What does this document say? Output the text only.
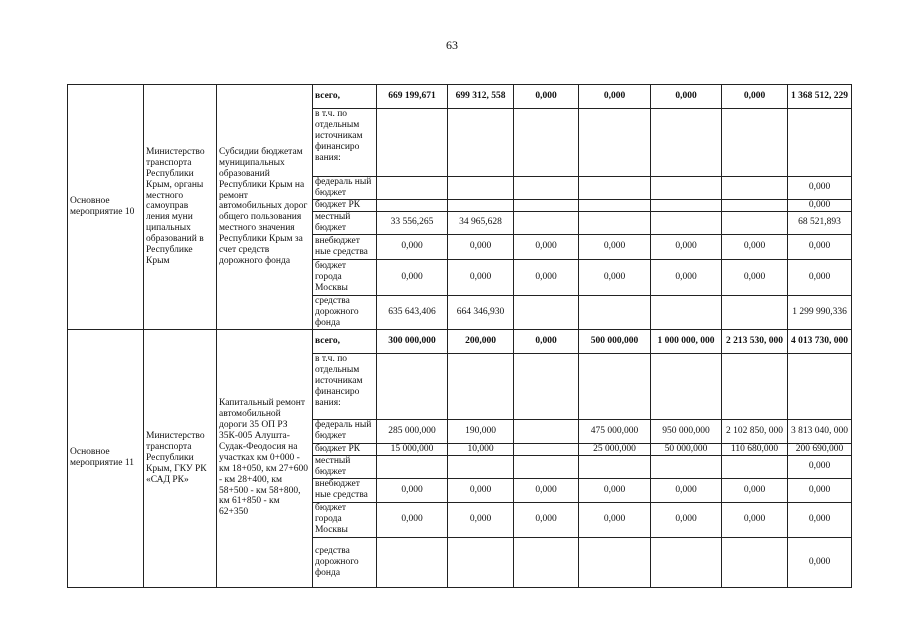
63
Основное мероприятие 10	Министерство транспорта Республики Крым, органы местного самоуправ ления муни ципальных образований в Республике Крым	Субсидии бюджетам муниципальных образований Республики Крым на ремонт автомобильных дорог общего пользования местного значения Республики Крым за счет средств дорожного фонда	всего,	669 199,671	699 312, 558	0,000	0,000	0,000	0,000	1 368 512, 229
			в т.ч. по отдельным источникам финансиро вания:							
			федераль ный бюджет							0,000
			бюджет РК							0,000
			местный бюджет	33 556,265	34 965,628					68 521,893
			внебюджет ные средства	0,000	0,000	0,000	0,000	0,000	0,000	0,000
			бюджет города Москвы	0,000	0,000	0,000	0,000	0,000	0,000	0,000
			средства дорожного фонда	635 643,406	664 346,930					1 299 990,336
Основное мероприятие 11	Министерство транспорта Республики Крым, ГКУ РК «САД РК»	Капитальный ремонт автомобильной дороги 35 ОП РЗ 35К-005 Алушта-Судак-Феодосия на участках км 0+000 - км 18+050, км 27+600 - км 28+400, км 58+500 - км 58+800, км 61+850 - км 62+350	всего,	300 000,000	200,000	0,000	500 000,000	1 000 000, 000	2 213 530, 000	4 013 730, 000
			в т.ч. по отдельным источникам финансиро вания:							
			федераль ный бюджет	285 000,000	190,000		475 000,000	950 000,000	2 102 850, 000	3 813 040, 000
			бюджет РК	15 000,000	10,000		25 000,000	50 000,000	110 680,000	200 690,000
			местный бюджет							0,000
			внебюджет ные средства	0,000	0,000	0,000	0,000	0,000	0,000	0,000
			бюджет города Москвы	0,000	0,000	0,000	0,000	0,000	0,000	0,000
			средства дорожного фонда							0,000
